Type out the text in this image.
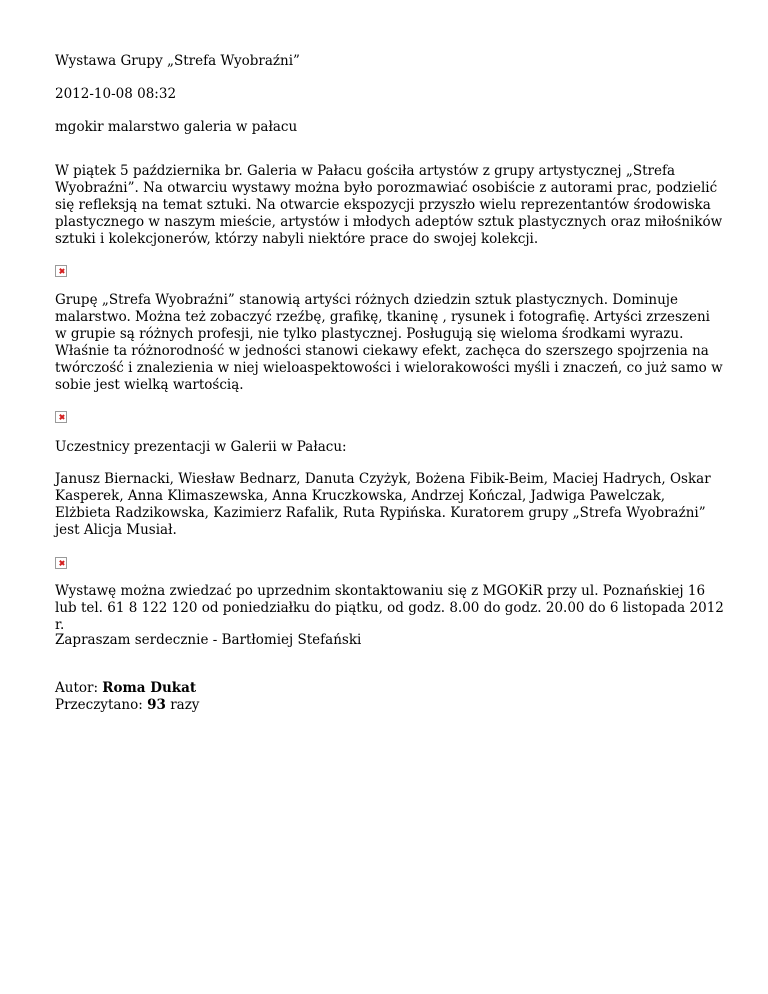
Wystawa Grupy „Strefa Wyobraźni”
2012-10-08 08:32
mgokir malarstwo galeria w pałacu

W piątek 5 października br. Galeria w Pałacu gościła artystów z grupy artystycznej „Strefa Wyobraźni”. Na otwarciu wystawy można było porozmawiać osobiście z autorami prac, podzielić się refleksją na temat sztuki. Na otwarcie ekspozycji przyszło wielu reprezentantów środowiska plastycznego w naszym mieście, artystów i młodych adeptów sztuk plastycznych oraz miłośników sztuki i kolekcjonerów, którzy nabyli niektóre prace do swojej kolekcji.

Grupę „Strefa Wyobraźni” stanowią artyści różnych dziedzin sztuk plastycznych. Dominuje malarstwo. Można też zobaczyć rzeźbę, grafikę, tkaninę , rysunek i fotografię. Artyści zrzeszeni w grupie są różnych profesji, nie tylko plastycznej. Posługują się wieloma środkami wyrazu. Właśnie ta różnorodność w jedności stanowi ciekawy efekt, zachęca do szerszego spojrzenia na twórczość i znalezienia w niej wieloaspektowości i wielorakowości myśli i znaczeń, co już samo w sobie jest wielką wartością.

Uczestnicy prezentacji w Galerii w Pałacu:

Janusz Biernacki, Wiesław Bednarz, Danuta Czyżyk, Bożena Fibik-Beim, Maciej Hadrych, Oskar Kasperek, Anna Klimaszewska, Anna Kruczkowska, Andrzej Kończal, Jadwiga Pawelczak, Elżbieta Radzikowska, Kazimierz Rafalik, Ruta Rypińska. Kuratorem grupy „Strefa Wyobraźni” jest Alicja Musiał.

Wystawę można zwiedzać po uprzednim skontaktowaniu się z MGOKiR przy ul. Poznańskiej 16 lub tel. 61 8 122 120 od poniedziałku do piątku, od godz. 8.00 do godz. 20.00 do 6 listopada 2012 r.

Zapraszam serdecznie - Bartłomiej Stefański

Autor: Roma Dukat
Przeczytano: 93 razy
